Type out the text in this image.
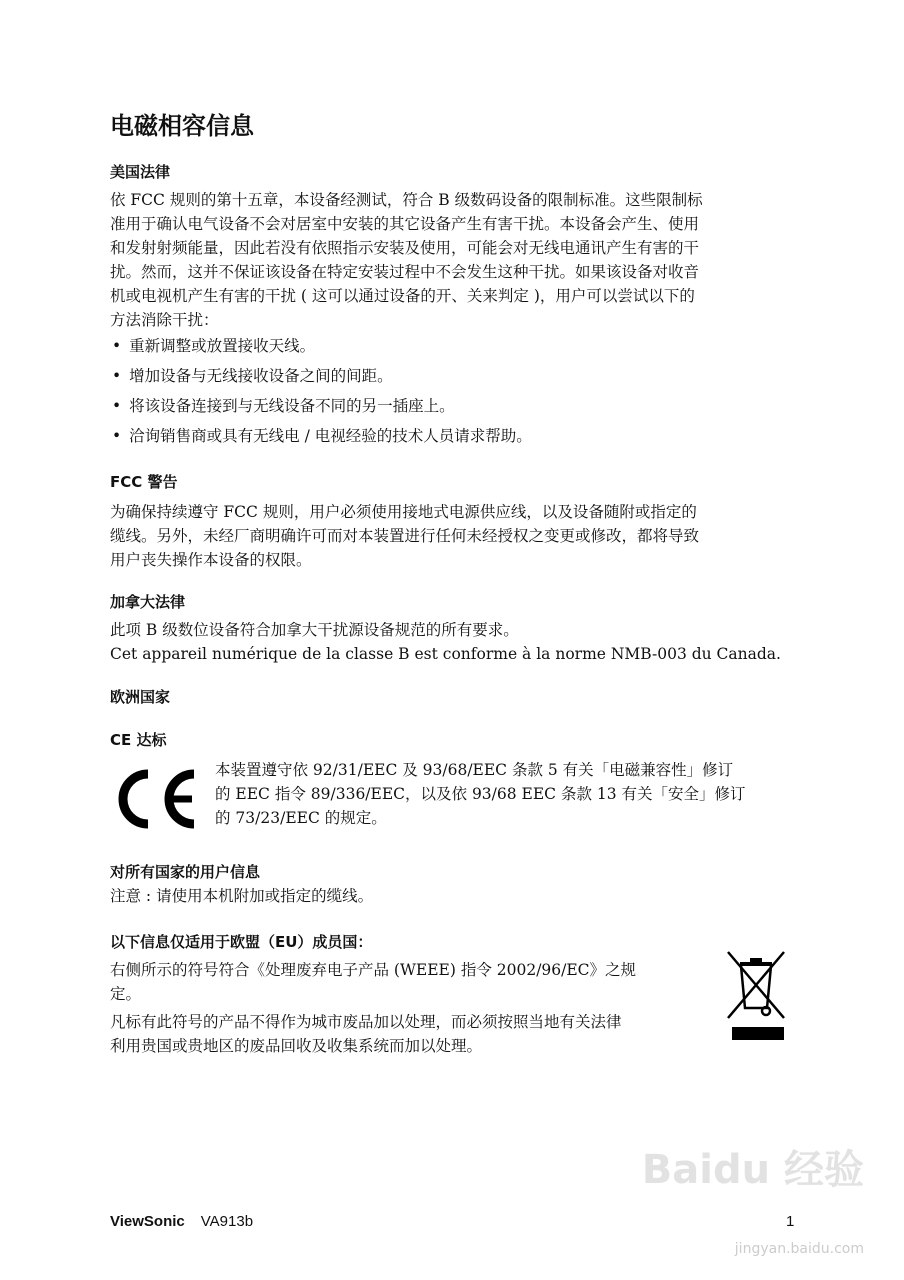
电磁相容信息
美国法律
依 FCC 规则的第十五章，本设备经测试，符合 B 级数码设备的限制标准。这些限制标
准用于确认电气设备不会对居室中安装的其它设备产生有害干扰。本设备会产生、使用
和发射射频能量，因此若没有依照指示安装及使用，可能会对无线电通讯产生有害的干
扰。然而，这并不保证该设备在特定安装过程中不会发生这种干扰。如果该设备对收音
机或电视机产生有害的干扰 ( 这可以通过设备的开、关来判定 )，用户可以尝试以下的
方法消除干扰：
• 重新调整或放置接收天线。
• 增加设备与无线接收设备之间的间距。
• 将该设备连接到与无线设备不同的另一插座上。
• 洽询销售商或具有无线电 / 电视经验的技术人员请求帮助。
FCC 警告
为确保持续遵守 FCC 规则，用户必须使用接地式电源供应线，以及设备随附或指定的
缆线。另外，未经厂商明确许可而对本装置进行任何未经授权之变更或修改，都将导致
用户丧失操作本设备的权限。
加拿大法律
此项 B 级数位设备符合加拿大干扰源设备规范的所有要求。
Cet appareil numérique de la classe B est conforme à la norme NMB-003 du Canada.
欧洲国家
CE 达标
本装置遵守依 92/31/EEC 及 93/68/EEC 条款 5 有关「电磁兼容性」修订
的 EEC 指令 89/336/EEC，以及依 93/68 EEC 条款 13 有关「安全」修订
的 73/23/EEC 的规定。
对所有国家的用户信息
注意 : 请使用本机附加或指定的缆线。
以下信息仅适用于欧盟（EU）成员国：
右侧所示的符号符合《处理废弃电子产品 (WEEE) 指令 2002/96/EC》之规
定。
凡标有此符号的产品不得作为城市废品加以处理，而必须按照当地有关法律
利用贵国或贵地区的废品回收及收集系统而加以处理。
ViewSonic VA913b	1
Baidu 经验
jingyan.baidu.com
